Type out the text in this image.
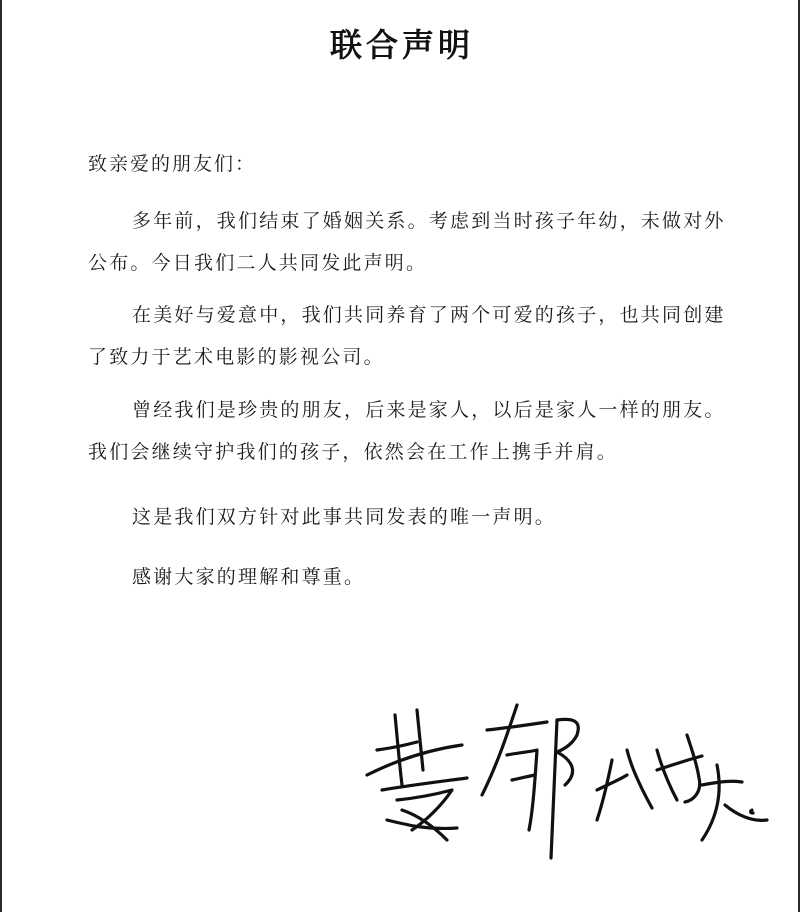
联合声明
致亲爱的朋友们：

多年前，我们结束了婚姻关系。考虑到当时孩子年幼，未做对外公布。今日我们二人共同发此声明。

在美好与爱意中，我们共同养育了两个可爱的孩子，也共同创建了致力于艺术电影的影视公司。

曾经我们是珍贵的朋友，后来是家人，以后是家人一样的朋友。我们会继续守护我们的孩子，依然会在工作上携手并肩。

这是我们双方针对此事共同发表的唯一声明。

感谢大家的理解和尊重。
